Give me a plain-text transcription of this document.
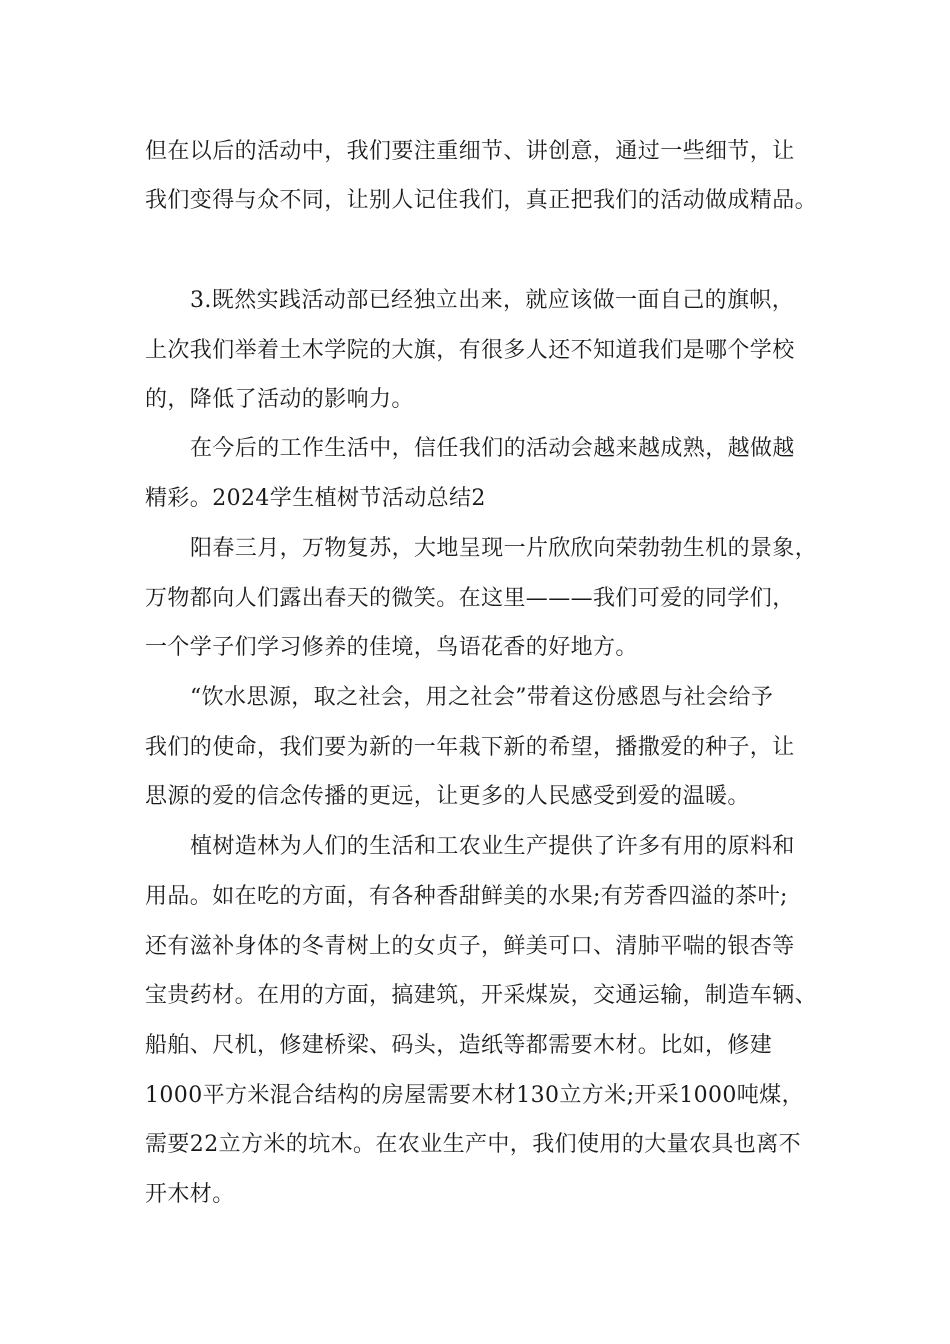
但在以后的活动中，我们要注重细节、讲创意，通过一些细节，让
我们变得与众不同，让别人记住我们，真正把我们的活动做成精品。
3.既然实践活动部已经独立出来，就应该做一面自己的旗帜，
上次我们举着土木学院的大旗，有很多人还不知道我们是哪个学校
的，降低了活动的影响力。
在今后的工作生活中，信任我们的活动会越来越成熟，越做越
精彩。2024学生植树节活动总结2
阳春三月，万物复苏，大地呈现一片欣欣向荣勃勃生机的景象，
万物都向人们露出春天的微笑。在这里———我们可爱的同学们，
一个学子们学习修养的佳境，鸟语花香的好地方。
“饮水思源，取之社会，用之社会”带着这份感恩与社会给予
我们的使命，我们要为新的一年栽下新的希望，播撒爱的种子，让
思源的爱的信念传播的更远，让更多的人民感受到爱的温暖。
植树造林为人们的生活和工农业生产提供了许多有用的原料和
用品。如在吃的方面，有各种香甜鲜美的水果;有芳香四溢的茶叶;
还有滋补身体的冬青树上的女贞子，鲜美可口、清肺平喘的银杏等
宝贵药材。在用的方面，搞建筑，开采煤炭，交通运输，制造车辆、
船舶、尺机，修建桥梁、码头，造纸等都需要木材。比如，修建
1000平方米混合结构的房屋需要木材130立方米;开采1000吨煤，
需要22立方米的坑木。在农业生产中，我们使用的大量农具也离不
开木材。
